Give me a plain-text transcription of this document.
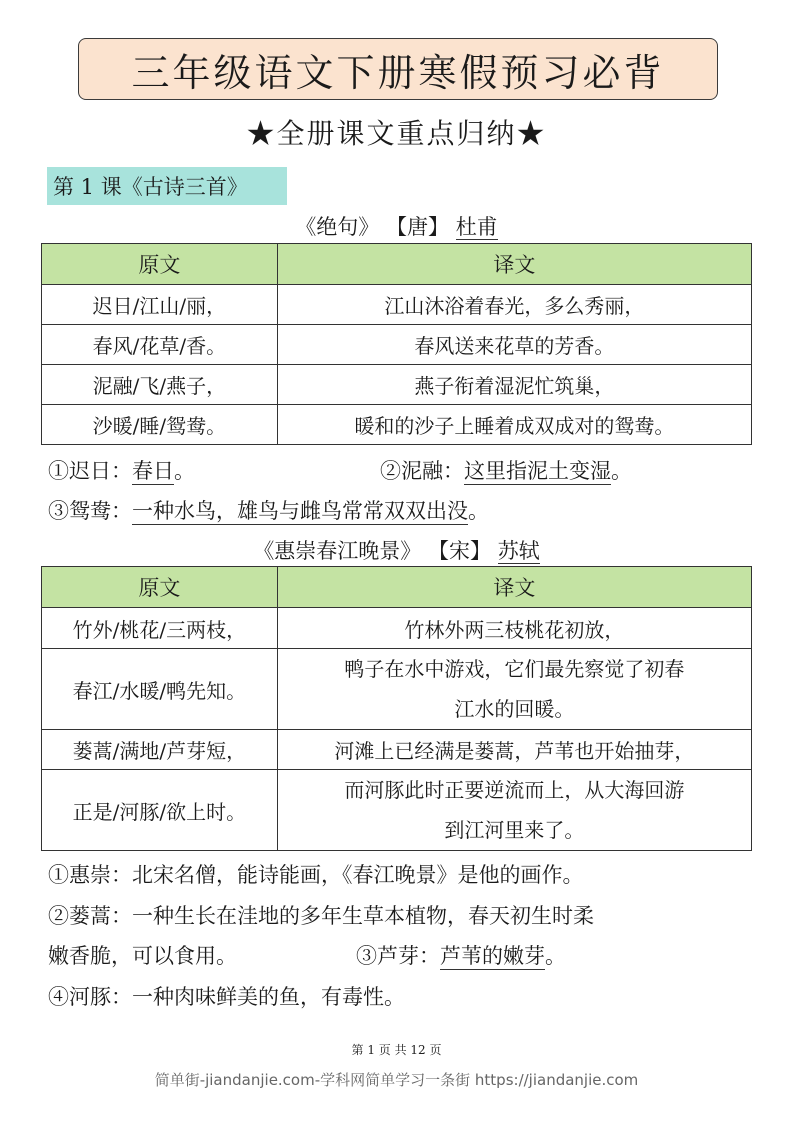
三年级语文下册寒假预习必背
★全册课文重点归纳★
第 1 课《古诗三首》
《绝句》 【唐】 杜甫
原文	译文
迟日/江山/丽，	江山沐浴着春光，多么秀丽，
春风/花草/香。	春风送来花草的芳香。
泥融/飞/燕子，	燕子衔着湿泥忙筑巢，
沙暖/睡/鸳鸯。	暖和的沙子上睡着成双成对的鸳鸯。
①迟日：春日。	②泥融：这里指泥土变湿。
③鸳鸯：一种水鸟，雄鸟与雌鸟常常双双出没。
《惠崇春江晚景》 【宋】 苏轼
原文	译文
竹外/桃花/三两枝，	竹林外两三枝桃花初放，
春江/水暖/鸭先知。	鸭子在水中游戏，它们最先察觉了初春
江水的回暖。

蒌蒿/满地/芦芽短，	河滩上已经满是蒌蒿，芦苇也开始抽芽，
正是/河豚/欲上时。	而河豚此时正要逆流而上，从大海回游
到江河里来了。
①惠崇：北宋名僧，能诗能画，《春江晚景》是他的画作。
②蒌蒿：一种生长在洼地的多年生草本植物，春天初生时柔
嫩香脆，可以食用。	③芦芽：芦苇的嫩芽。
④河豚：一种肉味鲜美的鱼，有毒性。
第 1 页 共 12 页
简单街-jiandanjie.com-学科网简单学习一条街 https://jiandanjie.com
